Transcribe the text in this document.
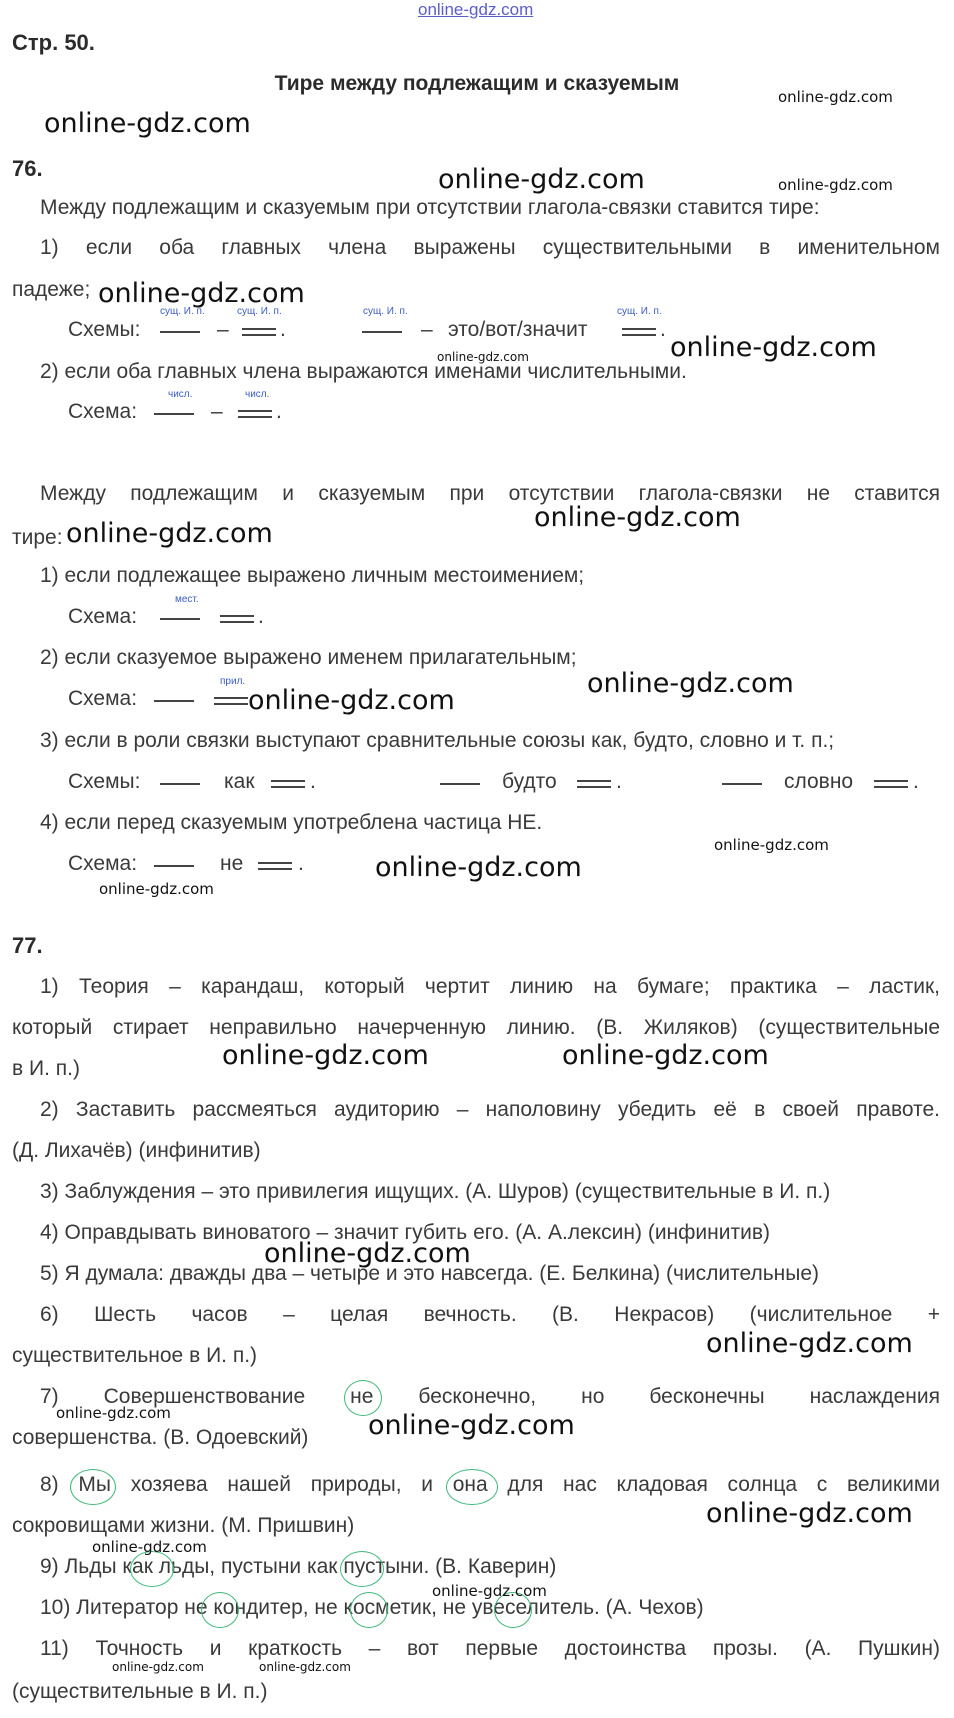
online-gdz.com
Стр. 50.
Тире между подлежащим и сказуемым
76.
Между подлежащим и сказуемым при отсутствии глагола-связки ставится тире:
1) если оба главных члена выражены существительными в именительном
падеже;
Схемы:
сущ. И. п.
–
сущ. И. п.
.
сущ. И. п.
– это/вот/значит
сущ. И. п.
.
2) если оба главных члена выражаются именами числительными.
Схема:
числ.
–
числ.
.
Между подлежащим и сказуемым при отсутствии глагола-связки не ставится
тире:
1) если подлежащее выражено личным местоимением;
Схема:
мест.
.
2) если сказуемое выражено именем прилагательным;
Схема:
прил.
3) если в роли связки выступают сравнительные союзы как, будто, словно и т. п.;
Схемы:	как	.	будто	.	словно	.
4) если перед сказуемым употреблена частица НЕ.
Схема:	не	.
77.
1) Теория – карандаш, который чертит линию на бумаге; практика – ластик,
который стирает неправильно начерченную линию. (В. Жиляков) (существительные
в И. п.)
2) Заставить рассмеяться аудиторию – наполовину убедить её в своей правоте.
(Д. Лихачёв) (инфинитив)
3) Заблуждения – это привилегия ищущих. (А. Шуров) (существительные в И. п.)
4) Оправдывать виноватого – значит губить его. (А. А.лексин) (инфинитив)
5) Я думала: дважды два – четыре и это навсегда. (Е. Белкина) (числительные)
6) Шесть часов – целая вечность. (В. Некрасов) (числительное +
существительное в И. п.)
7) Совершенствование не бесконечно, но бесконечны наслаждения
совершенства. (В. Одоевский)
8) Мы хозяева нашей природы, и она для нас кладовая солнца с великими
сокровищами жизни. (М. Пришвин)
9) Льды как льды, пустыни как пустыни. (В. Каверин)
10) Литератор не кондитер, не косметик, не увеселитель. (А. Чехов)
11) Точность и краткость – вот первые достоинства прозы. (А. Пушкин)
(существительные в И. п.)
online-gdz.com
online-gdz.com
online-gdz.com	online-gdz.com
online-gdz.com
online-gdz.com	online-gdz.com
online-gdz.com
online-gdz.com
online-gdz.com
online-gdz.com
online-gdz.com
online-gdz.com
online-gdz.com
online-gdz.com	online-gdz.com
online-gdz.com
online-gdz.com
online-gdz.com	online-gdz.com
online-gdz.com
online-gdz.com
online-gdz.com
online-gdz.com	online-gdz.com
